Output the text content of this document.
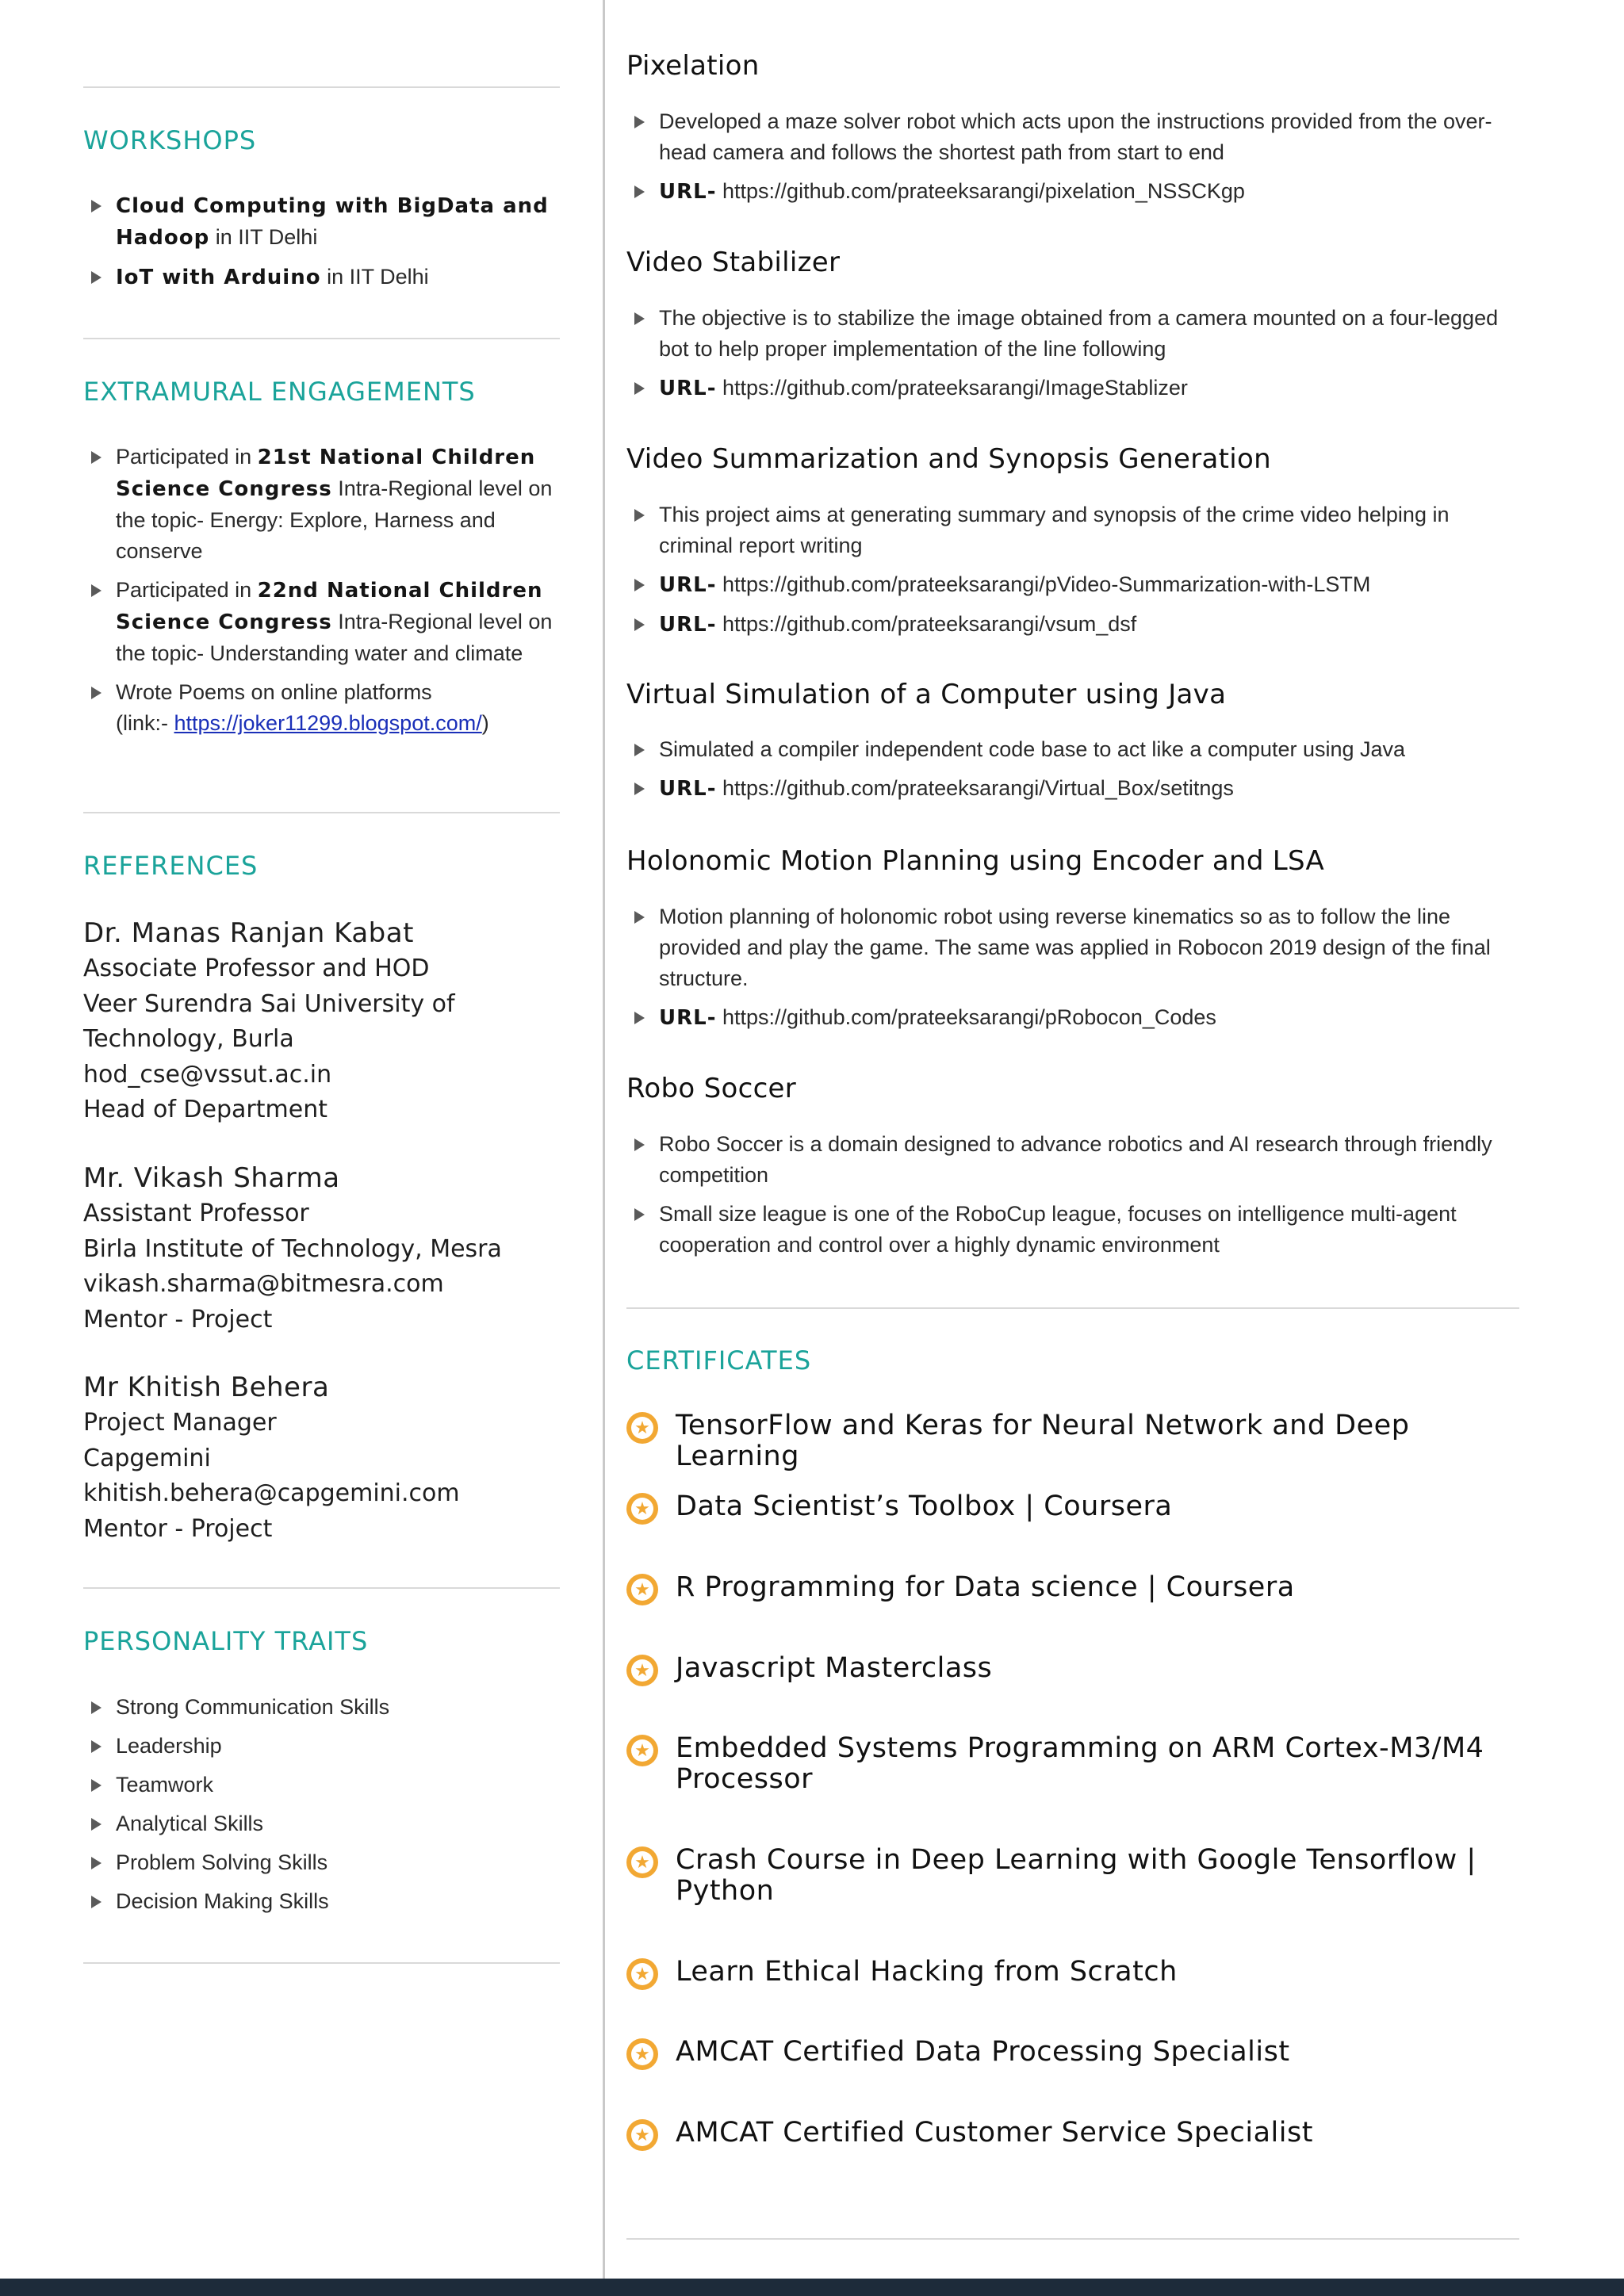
WORKSHOPS
Cloud Computing with BigData and Hadoop in IIT Delhi
IoT with Arduino in IIT Delhi
EXTRAMURAL ENGAGEMENTS
Participated in 21st National Children Science Congress Intra-Regional level on the topic- Energy: Explore, Harness and conserve
Participated in 22nd National Children Science Congress Intra-Regional level on the topic- Understanding water and climate
Wrote Poems on online platforms
(link:- https://joker11299.blogspot.com/)
REFERENCES
Dr. Manas Ranjan Kabat
Associate Professor and HOD
Veer Surendra Sai University of
Technology, Burla
hod_cse@vssut.ac.in
Head of Department
Mr. Vikash Sharma
Assistant Professor
Birla Institute of Technology, Mesra
vikash.sharma@bitmesra.com
Mentor - Project
Mr Khitish Behera
Project Manager
Capgemini
khitish.behera@capgemini.com
Mentor - Project
PERSONALITY TRAITS
Strong Communication Skills
Leadership
Teamwork
Analytical Skills
Problem Solving Skills
Decision Making Skills
Pixelation
Developed a maze solver robot which acts upon the instructions provided from the over-head camera and follows the shortest path from start to end
URL- https://github.com/prateeksarangi/pixelation_NSSCKgp
Video Stabilizer
The objective is to stabilize the image obtained from a camera mounted on a four-legged bot to help proper implementation of the line following
URL- https://github.com/prateeksarangi/ImageStablizer
Video Summarization and Synopsis Generation
This project aims at generating summary and synopsis of the crime video helping in criminal report writing
URL- https://github.com/prateeksarangi/pVideo-Summarization-with-LSTM
URL- https://github.com/prateeksarangi/vsum_dsf
Virtual Simulation of a Computer using Java
Simulated a compiler independent code base to act like a computer using Java
URL- https://github.com/prateeksarangi/Virtual_Box/setitngs
Holonomic Motion Planning using Encoder and LSA
Motion planning of holonomic robot using reverse kinematics so as to follow the line provided and play the game. The same was applied in Robocon 2019 design of the final structure.
URL- https://github.com/prateeksarangi/pRobocon_Codes
Robo Soccer
Robo Soccer is a domain designed to advance robotics and AI research through friendly competition
Small size league is one of the RoboCup league, focuses on intelligence multi-agent cooperation and control over a highly dynamic environment
CERTIFICATES
★ TensorFlow and Keras for Neural Network and Deep Learning
★ Data Scientist’s Toolbox | Coursera
★ R Programming for Data science | Coursera
★ Javascript Masterclass
★ Embedded Systems Programming on ARM Cortex-M3/M4 Processor
★ Crash Course in Deep Learning with Google Tensorflow | Python
★ Learn Ethical Hacking from Scratch
★ AMCAT Certified Data Processing Specialist
★ AMCAT Certified Customer Service Specialist
